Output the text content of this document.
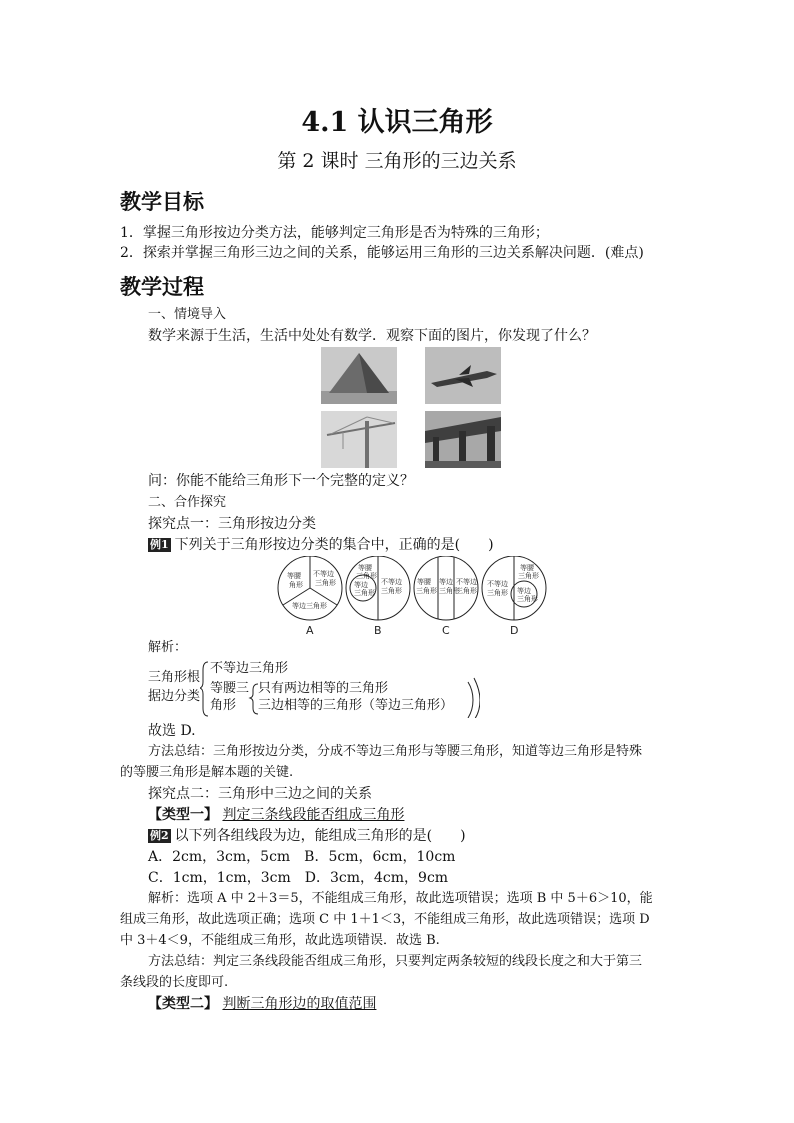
4.1 认识三角形
第 2 课时 三角形的三边关系
教学目标
1．掌握三角形按边分类方法，能够判定三角形是否为特殊的三角形；
2．探索并掌握三角形三边之间的关系，能够运用三角形的三边关系解决问题．(难点)
教学过程
一、情境导入
数学来源于生活，生活中处处有数学．观察下面的图片，你发现了什么？
问：你能不能给三角形下一个完整的定义？
二、合作探究
探究点一：三角形按边分类
例1 下列关于三角形按边分类的集合中，正确的是(　　)
等腰
角形
不等边
三角形
等边三角形
等腰
三角形
等边
三角形
不等边
三角形
等腰
三角形
等边
三角形
不等边
三角形
不等边
三角形
等腰
三角形
等边
三角形
A	B	C	D
解析：
三角形根
据边分类
不等边三角形
等腰三
角形
只有两边相等的三角形
三边相等的三角形（等边三角形）
故选 D.
方法总结：三角形按边分类，分成不等边三角形与等腰三角形，知道等边三角形是特殊
的等腰三角形是解本题的关键.
探究点二：三角形中三边之间的关系
【类型一】 判定三条线段能否组成三角形
例2 以下列各组线段为边，能组成三角形的是(　　)
A．2cm，3cm，5cm　B．5cm，6cm，10cm
C．1cm，1cm，3cm　D．3cm，4cm，9cm
解析：选项 A 中 2＋3＝5，不能组成三角形，故此选项错误；选项 B 中 5＋6＞10，能
组成三角形，故此选项正确；选项 C 中 1＋1＜3，不能组成三角形，故此选项错误；选项 D
中 3＋4＜9，不能组成三角形，故此选项错误．故选 B.
方法总结：判定三条线段能否组成三角形，只要判定两条较短的线段长度之和大于第三
条线段的长度即可.
【类型二】 判断三角形边的取值范围
